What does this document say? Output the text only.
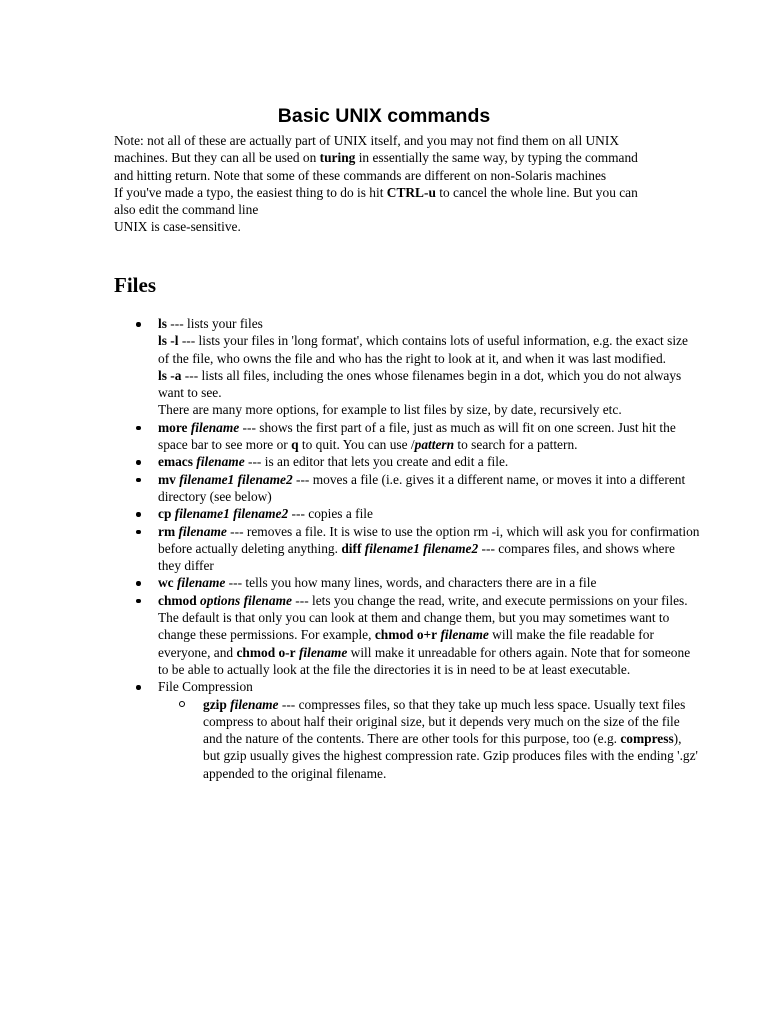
Basic UNIX commands

Note: not all of these are actually part of UNIX itself, and you may not find them on all UNIX machines. But they can all be used on turing in essentially the same way, by typing the command and hitting return. Note that some of these commands are different on non-Solaris machines

If you've made a typo, the easiest thing to do is hit CTRL-u to cancel the whole line. But you can also edit the command line

UNIX is case-sensitive.

Files
ls --- lists your files
ls -l --- lists your files in 'long format', which contains lots of useful information, e.g. the exact size of the file, who owns the file and who has the right to look at it, and when it was last modified.
ls -a --- lists all files, including the ones whose filenames begin in a dot, which you do not always want to see.
There are many more options, for example to list files by size, by date, recursively etc.
more filename --- shows the first part of a file, just as much as will fit on one screen. Just hit the space bar to see more or q to quit. You can use /pattern to search for a pattern.
emacs filename --- is an editor that lets you create and edit a file.
mv filename1 filename2 --- moves a file (i.e. gives it a different name, or moves it into a different directory (see below)
cp filename1 filename2 --- copies a file
rm filename --- removes a file. It is wise to use the option rm -i, which will ask you for confirmation before actually deleting anything. diff filename1 filename2 --- compares files, and shows where they differ
wc filename --- tells you how many lines, words, and characters there are in a file
chmod options filename --- lets you change the read, write, and execute permissions on your files. The default is that only you can look at them and change them, but you may sometimes want to change these permissions. For example, chmod o+r filename will make the file readable for everyone, and chmod o-r filename will make it unreadable for others again. Note that for someone to be able to actually look at the file the directories it is in need to be at least executable.
File Compression
gzip filename --- compresses files, so that they take up much less space. Usually text files compress to about half their original size, but it depends very much on the size of the file and the nature of the contents. There are other tools for this purpose, too (e.g. compress), but gzip usually gives the highest compression rate. Gzip produces files with the ending '.gz' appended to the original filename.
